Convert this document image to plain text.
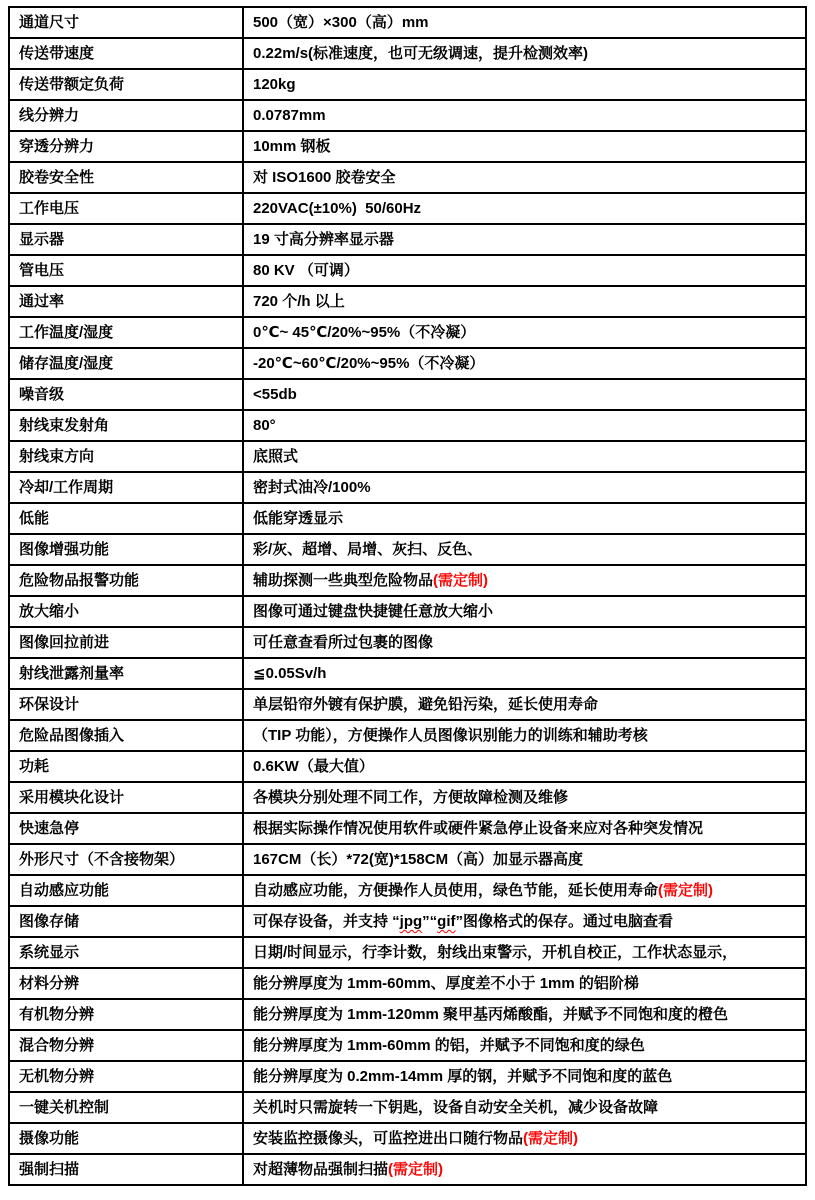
通道尺寸	500（宽）×300（高）mm
传送带速度	0.22m/s(标准速度，也可无级调速，提升检测效率)
传送带额定负荷	120kg
线分辨力	0.0787mm
穿透分辨力	10mm 钢板
胶卷安全性	对 ISO1600 胶卷安全
工作电压	220VAC(±10%)  50/60Hz
显示器	19 寸高分辨率显示器
管电压	80 KV （可调）
通过率	720 个/h 以上
工作温度/湿度	0℃~ 45℃/20%~95%（不冷凝）
储存温度/湿度	-20℃~60℃/20%~95%（不冷凝）
噪音级	<55db
射线束发射角	80°
射线束方向	底照式
冷却/工作周期	密封式油冷/100%
低能	低能穿透显示
图像增强功能	彩/灰、超增、局增、灰扫、反色、
危险物品报警功能	辅助探测一些典型危险物品(需定制)
放大缩小	图像可通过键盘快捷键任意放大缩小
图像回拉前进	可任意查看所过包裹的图像
射线泄露剂量率	≦0.05Sv/h
环保设计	单层铅帘外镀有保护膜，避免铅污染，延长使用寿命
危险品图像插入	（TIP 功能），方便操作人员图像识别能力的训练和辅助考核
功耗	0.6KW（最大值）
采用模块化设计	各模块分别处理不同工作，方便故障检测及维修
快速急停	根据实际操作情况使用软件或硬件紧急停止设备来应对各种突发情况
外形尺寸（不含接物架）	167CM（长）*72(宽)*158CM（高）加显示器高度
自动感应功能	自动感应功能，方便操作人员使用，绿色节能，延长使用寿命(需定制)
图像存储	可保存设备，并支持 “jpg”“gif”图像格式的保存。通过电脑查看
系统显示	日期/时间显示，行李计数，射线出束警示，开机自校正，工作状态显示，
材料分辨	能分辨厚度为 1mm-60mm、厚度差不小于 1mm 的铝阶梯
有机物分辨	能分辨厚度为 1mm-120mm 聚甲基丙烯酸酯，并赋予不同饱和度的橙色
混合物分辨	能分辨厚度为 1mm-60mm 的铝，并赋予不同饱和度的绿色
无机物分辨	能分辨厚度为 0.2mm-14mm 厚的钢，并赋予不同饱和度的蓝色
一键关机控制	关机时只需旋转一下钥匙，设备自动安全关机，减少设备故障
摄像功能	安装监控摄像头，可监控进出口随行物品(需定制)
强制扫描	对超薄物品强制扫描(需定制)
